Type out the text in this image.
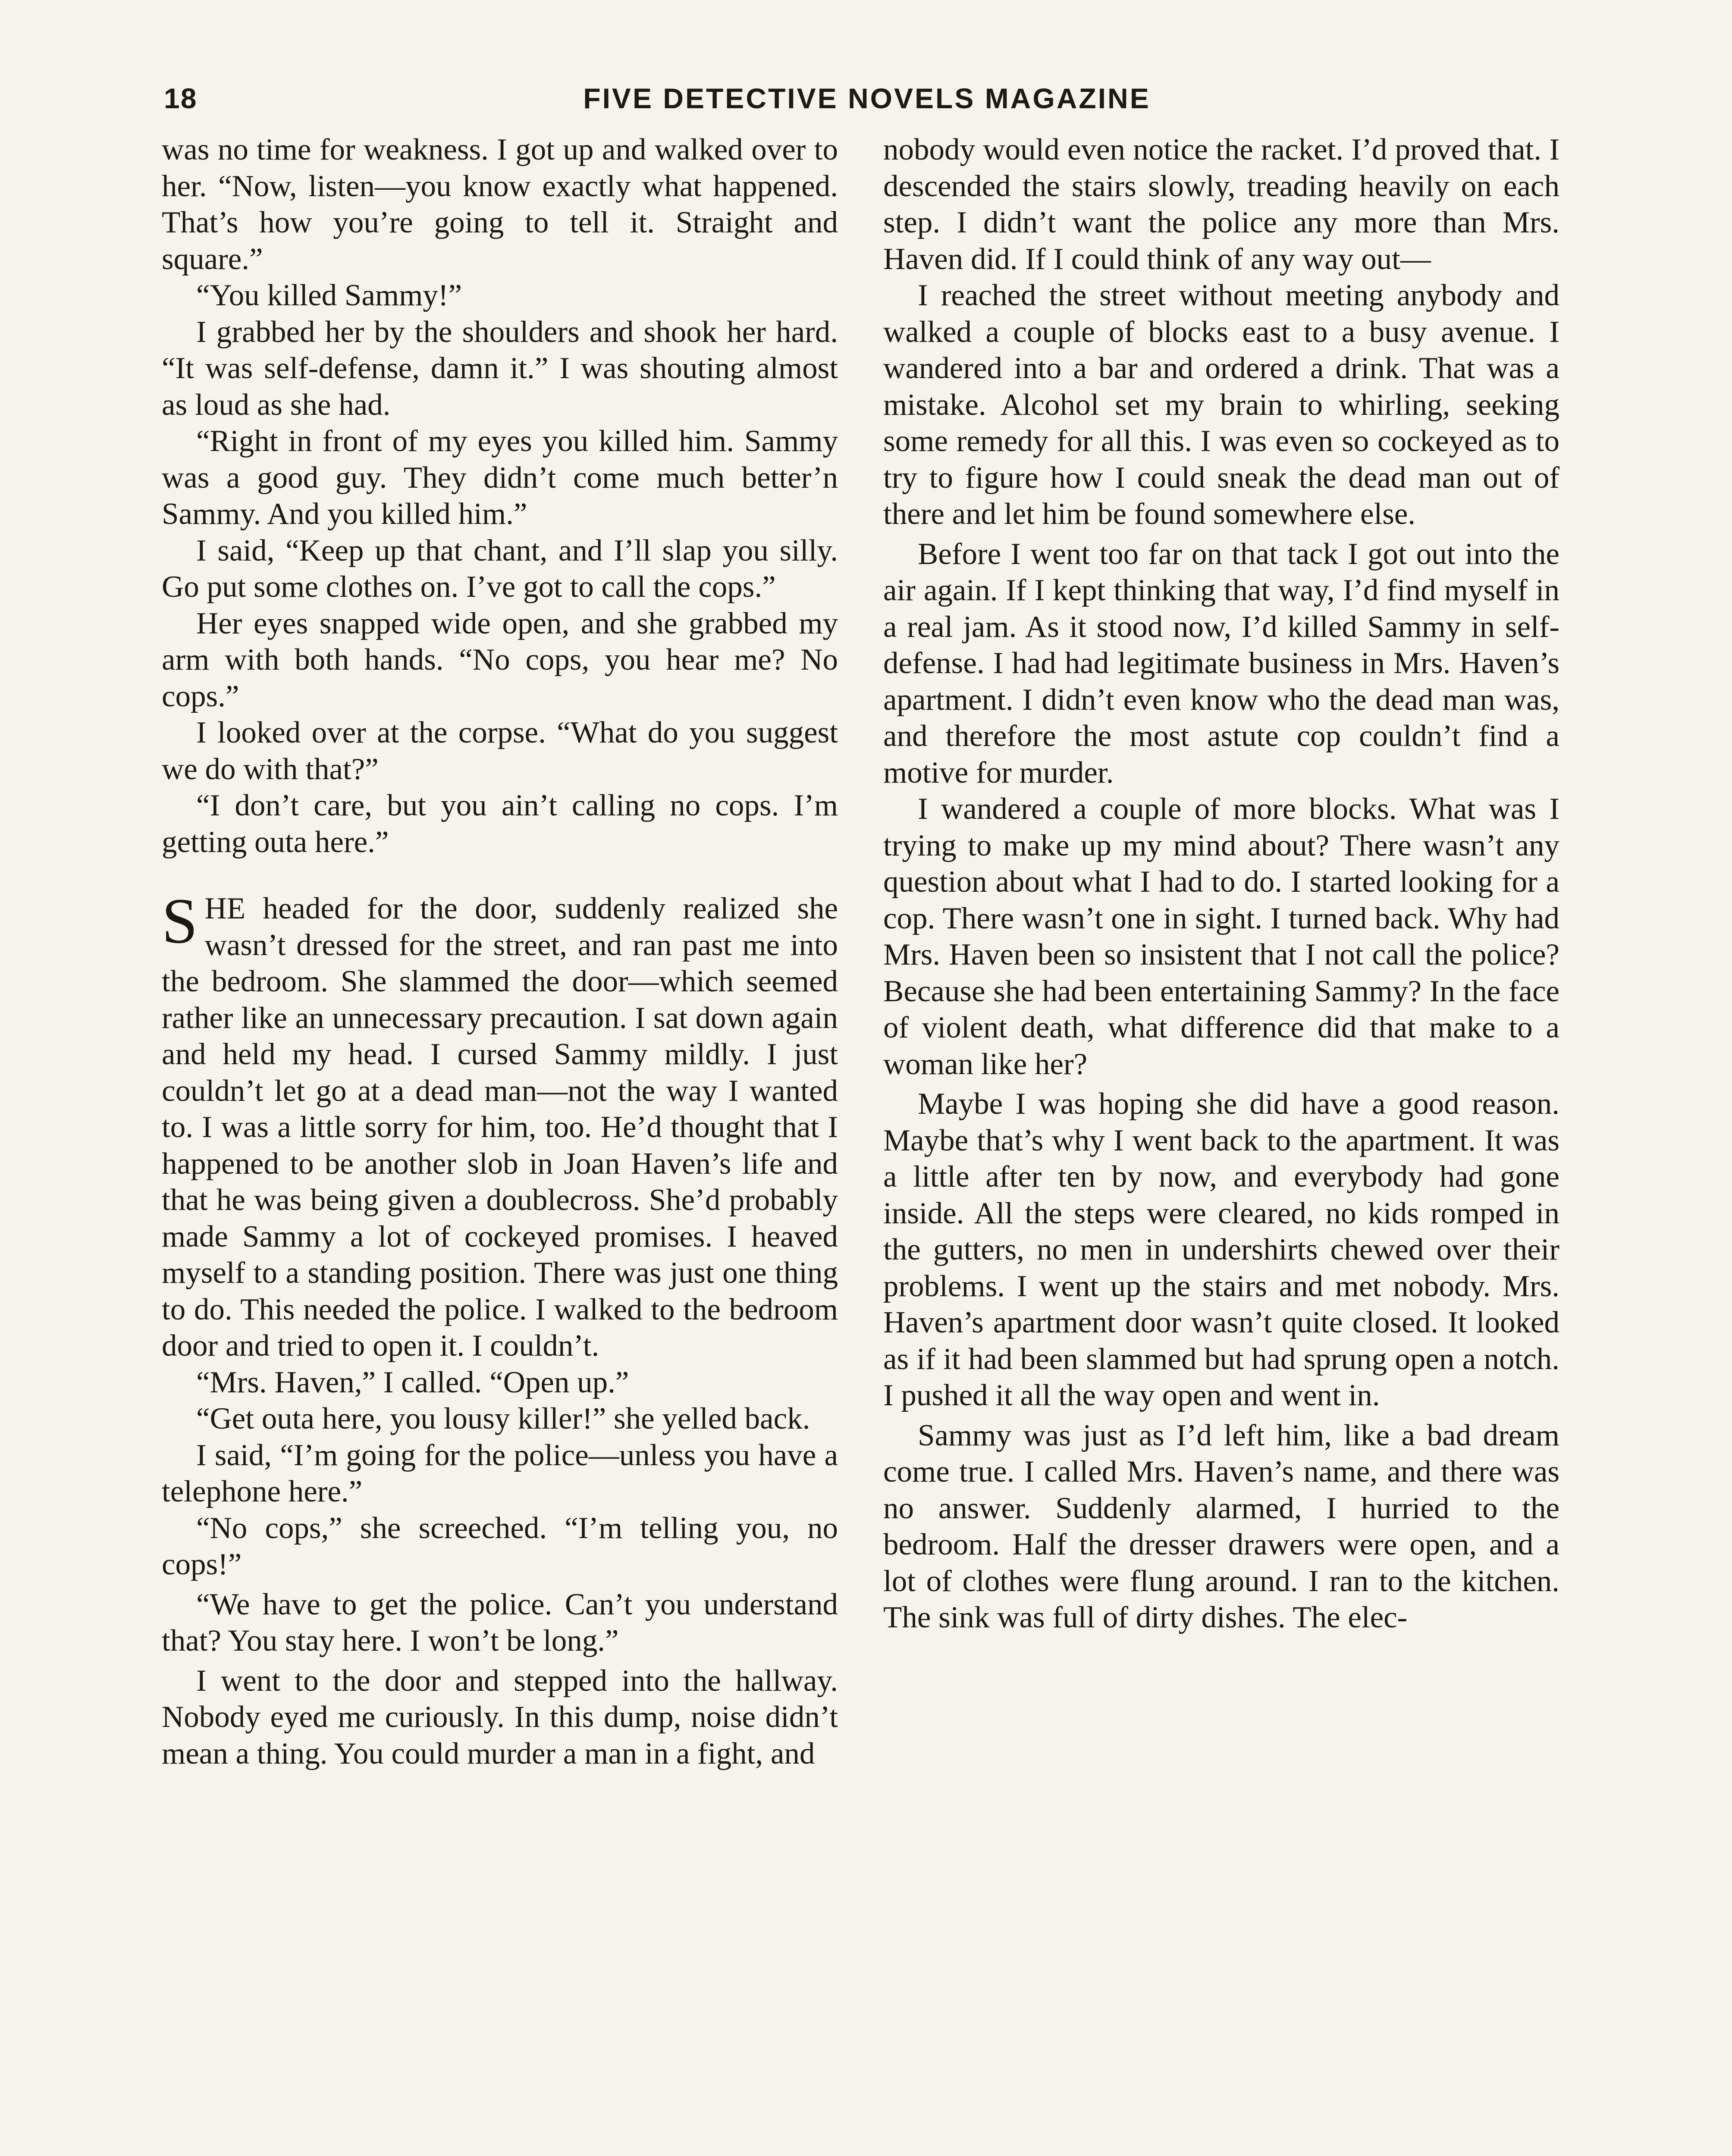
18	FIVE DETECTIVE NOVELS MAGAZINE

was no time for weakness. I got up and walked over to her. “Now, listen—you know exactly what happened. That’s how you’re going to tell it. Straight and square.”

“You killed Sammy!”

I grabbed her by the shoulders and shook her hard. “It was self-defense, damn it.” I was shouting almost as loud as she had.

“Right in front of my eyes you killed him. Sammy was a good guy. They didn’t come much better’n Sammy. And you killed him.”

I said, “Keep up that chant, and I’ll slap you silly. Go put some clothes on. I’ve got to call the cops.”

Her eyes snapped wide open, and she grabbed my arm with both hands. “No cops, you hear me? No cops.”

I looked over at the corpse. “What do you suggest we do with that?”

“I don’t care, but you ain’t calling no cops. I’m getting outa here.”

SHE headed for the door, suddenly realized she wasn’t dressed for the street, and ran past me into the bedroom. She slammed the door—which seemed rather like an unnecessary precaution. I sat down again and held my head. I cursed Sammy mildly. I just couldn’t let go at a dead man—not the way I wanted to. I was a little sorry for him, too. He’d thought that I happened to be another slob in Joan Haven’s life and that he was being given a doublecross. She’d probably made Sammy a lot of cockeyed promises. I heaved myself to a standing position. There was just one thing to do. This needed the police. I walked to the bedroom door and tried to open it. I couldn’t.

“Mrs. Haven,” I called. “Open up.”

“Get outa here, you lousy killer!” she yelled back.

I said, “I’m going for the police—unless you have a telephone here.”

“No cops,” she screeched. “I’m telling you, no cops!”

“We have to get the police. Can’t you understand that? You stay here. I won’t be long.”

I went to the door and stepped into the hallway. Nobody eyed me curiously. In this dump, noise didn’t mean a thing. You could murder a man in a fight, and

nobody would even notice the racket. I’d proved that. I descended the stairs slowly, treading heavily on each step. I didn’t want the police any more than Mrs. Haven did. If I could think of any way out—

I reached the street without meeting anybody and walked a couple of blocks east to a busy avenue. I wandered into a bar and ordered a drink. That was a mistake. Alcohol set my brain to whirling, seeking some remedy for all this. I was even so cockeyed as to try to figure how I could sneak the dead man out of there and let him be found somewhere else.

Before I went too far on that tack I got out into the air again. If I kept thinking that way, I’d find myself in a real jam. As it stood now, I’d killed Sammy in self-defense. I had had legitimate business in Mrs. Haven’s apartment. I didn’t even know who the dead man was, and therefore the most astute cop couldn’t find a motive for murder.

I wandered a couple of more blocks. What was I trying to make up my mind about? There wasn’t any question about what I had to do. I started looking for a cop. There wasn’t one in sight. I turned back. Why had Mrs. Haven been so insistent that I not call the police? Because she had been entertaining Sammy? In the face of violent death, what difference did that make to a woman like her?

Maybe I was hoping she did have a good reason. Maybe that’s why I went back to the apartment. It was a little after ten by now, and everybody had gone inside. All the steps were cleared, no kids romped in the gutters, no men in undershirts chewed over their problems. I went up the stairs and met nobody. Mrs. Haven’s apartment door wasn’t quite closed. It looked as if it had been slammed but had sprung open a notch. I pushed it all the way open and went in.

Sammy was just as I’d left him, like a bad dream come true. I called Mrs. Haven’s name, and there was no answer. Suddenly alarmed, I hurried to the bedroom. Half the dresser drawers were open, and a lot of clothes were flung around. I ran to the kitchen. The sink was full of dirty dishes. The elec-
